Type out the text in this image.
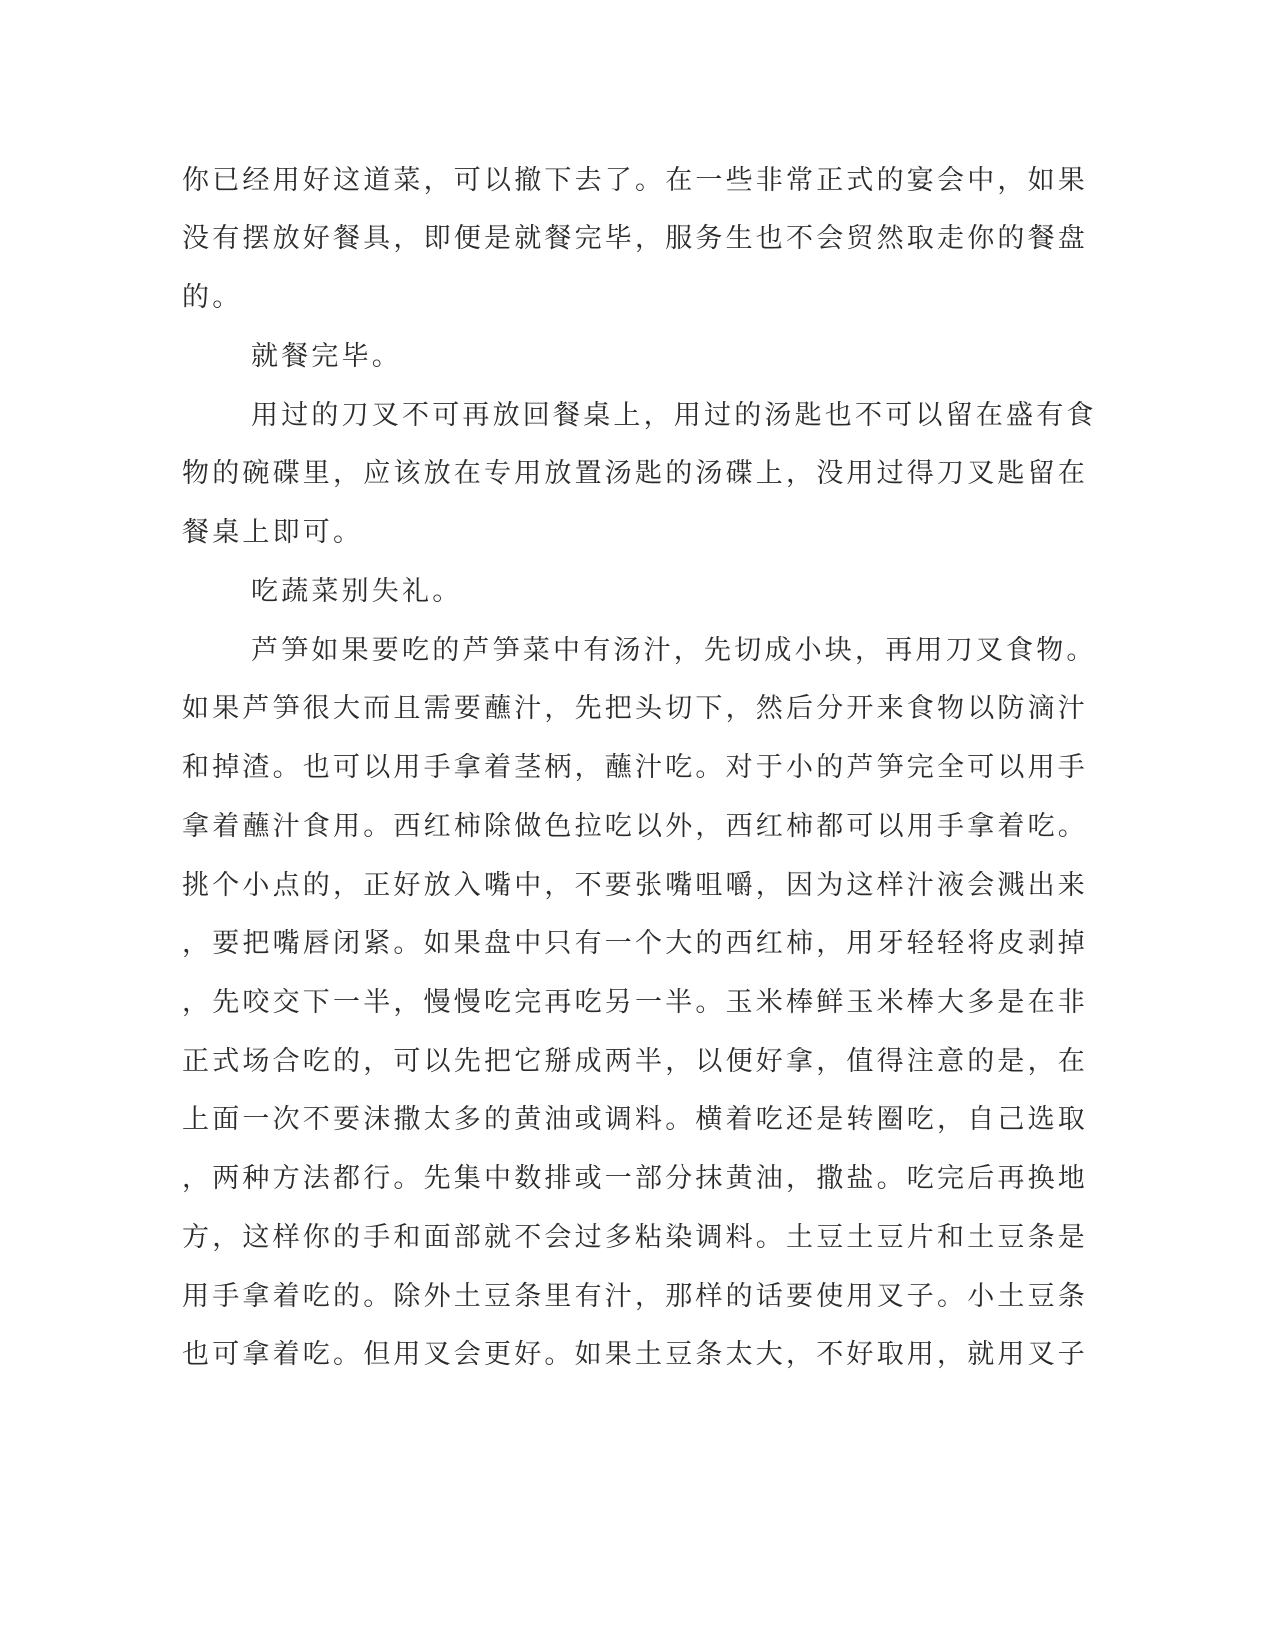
你已经用好这道菜，可以撤下去了。在一些非常正式的宴会中，如果
没有摆放好餐具，即便是就餐完毕，服务生也不会贸然取走你的餐盘
的。
就餐完毕。
用过的刀叉不可再放回餐桌上，用过的汤匙也不可以留在盛有食
物的碗碟里，应该放在专用放置汤匙的汤碟上，没用过得刀叉匙留在
餐桌上即可。
吃蔬菜别失礼。
芦笋如果要吃的芦笋菜中有汤汁，先切成小块，再用刀叉食物。
如果芦笋很大而且需要蘸汁，先把头切下，然后分开来食物以防滴汁
和掉渣。也可以用手拿着茎柄，蘸汁吃。对于小的芦笋完全可以用手
拿着蘸汁食用。西红柿除做色拉吃以外，西红柿都可以用手拿着吃。
挑个小点的，正好放入嘴中，不要张嘴咀嚼，因为这样汁液会溅出来
，要把嘴唇闭紧。如果盘中只有一个大的西红柿，用牙轻轻将皮剥掉
，先咬交下一半，慢慢吃完再吃另一半。玉米棒鲜玉米棒大多是在非
正式场合吃的，可以先把它掰成两半，以便好拿，值得注意的是，在
上面一次不要沫撒太多的黄油或调料。横着吃还是转圈吃，自己选取
，两种方法都行。先集中数排或一部分抹黄油，撒盐。吃完后再换地
方，这样你的手和面部就不会过多粘染调料。土豆土豆片和土豆条是
用手拿着吃的。除外土豆条里有汁，那样的话要使用叉子。小土豆条
也可拿着吃。但用叉会更好。如果土豆条太大，不好取用，就用叉子
